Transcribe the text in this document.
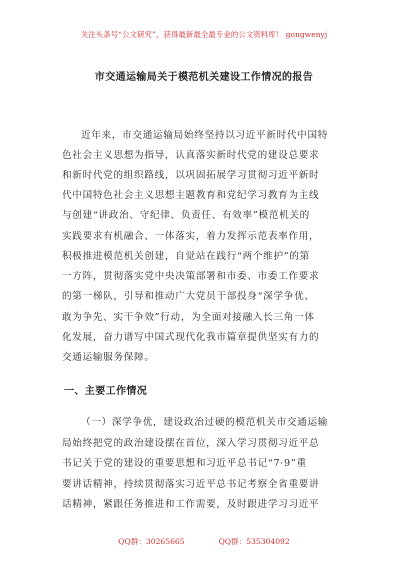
关注头条号“公文研究”，获得最新最全最专业的公文资料库！ gongwenyj
市交通运输局关于模范机关建设工作情况的报告
近年来，市交通运输局始终坚持以习近平新时代中国特
色社会主义思想为指导，认真落实新时代党的建设总要求
和新时代党的组织路线，以巩固拓展学习贯彻习近平新时
代中国特色社会主义思想主题教育和党纪学习教育为主线
与创建“讲政治、守纪律、负责任、有效率”模范机关的
实践要求有机融合、一体落实，着力发挥示范表率作用，
积极推进模范机关创建，自觉站在践行“两个维护”的第
一方阵，贯彻落实党中央决策部署和市委、市委工作要求
的第一梯队，引导和推动广大党员干部投身“深学争优、
敢为争先、实干争效”行动，为全面对接融入长三角一体
化发展，奋力谱写中国式现代化我市篇章提供坚实有力的
交通运输服务保障。
一、主要工作情况
（一）深学争优，建设政治过硬的模范机关市交通运输
局始终把党的政治建设摆在首位，深入学习贯彻习近平总
书记关于党的建设的重要思想和习近平总书记“7·9”重
要讲话精神，持续贯彻落实习近平总书记考察全省重要讲
话精神，紧跟任务推进和工作需要，及时跟进学习习近平
QQ群：30265665	QQ群：535304092
